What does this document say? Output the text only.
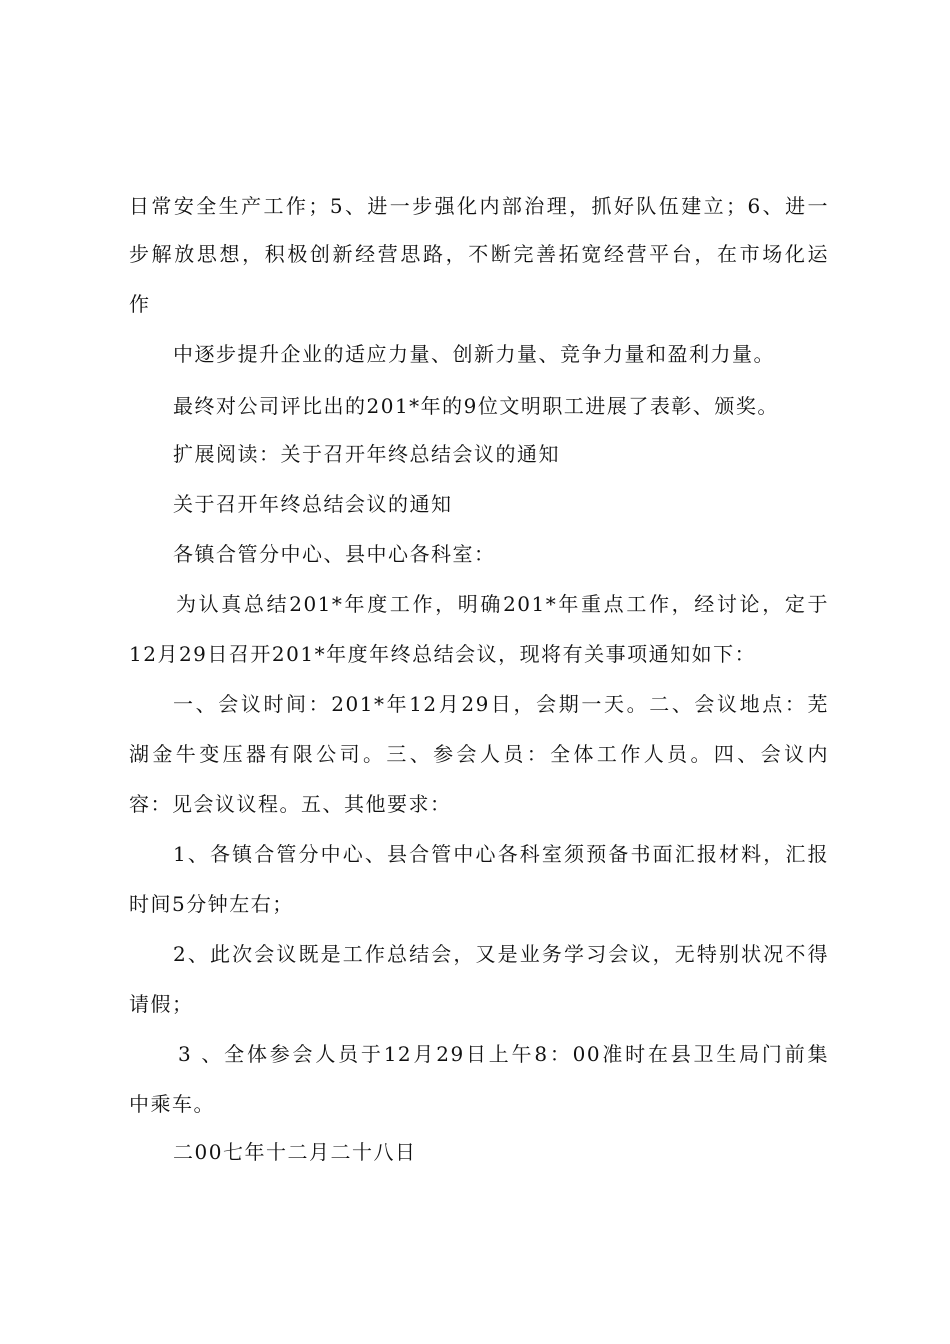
日常安全生产工作；5、进一步强化内部治理，抓好队伍建立；6、进一
步解放思想，积极创新经营思路，不断完善拓宽经营平台，在市场化运
作
中逐步提升企业的适应力量、创新力量、竞争力量和盈利力量。
最终对公司评比出的201*年的9位文明职工进展了表彰、颁奖。
扩展阅读：关于召开年终总结会议的通知
关于召开年终总结会议的通知
各镇合管分中心、县中心各科室：
为认真总结201*年度工作，明确201*年重点工作，经讨论，定于
12月29日召开201*年度年终总结会议，现将有关事项通知如下：
一、会议时间：201*年12月29日，会期一天。二、会议地点：芜
湖金牛变压器有限公司。三、参会人员：全体工作人员。四、会议内
容：见会议议程。五、其他要求：
1、各镇合管分中心、县合管中心各科室须预备书面汇报材料，汇报
时间5分钟左右；
2、此次会议既是工作总结会，又是业务学习会议，无特别状况不得
请假；
3 、全体参会人员于12月29日上午8：00准时在县卫生局门前集
中乘车。
二00七年十二月二十八日
